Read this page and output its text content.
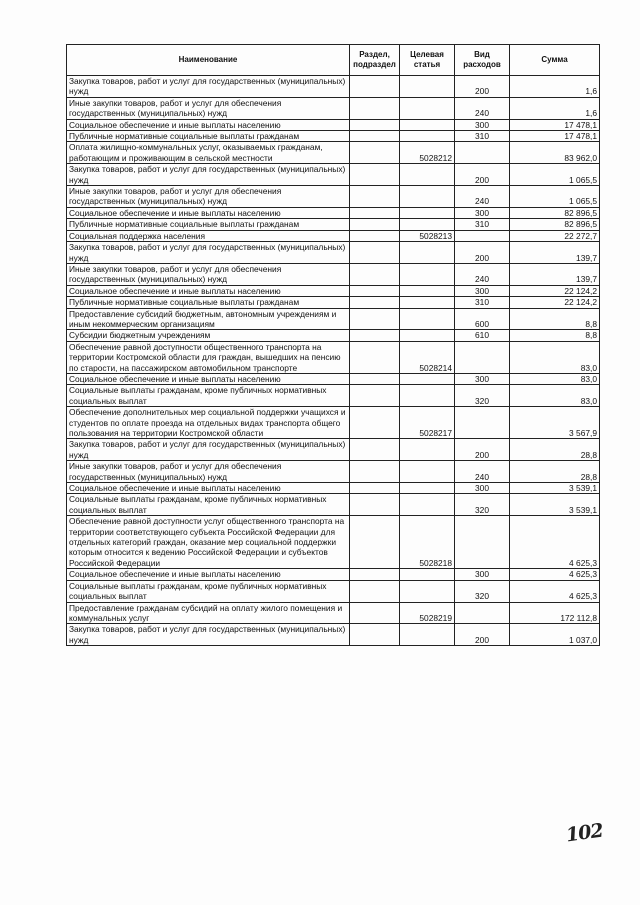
Наименование	Раздел, подраздел	Целевая статья	Вид расходов	Сумма
Закупка товаров, работ и услуг для государственных (муниципальных) нужд			200	1,6
Иные закупки товаров, работ и услуг для обеспечения государственных (муниципальных) нужд			240	1,6
Социальное обеспечение и иные выплаты населению			300	17 478,1
Публичные нормативные социальные выплаты гражданам			310	17 478,1
Оплата жилищно-коммунальных услуг, оказываемых гражданам, работающим и проживающим в сельской местности		5028212		83 962,0
Закупка товаров, работ и услуг для государственных (муниципальных) нужд			200	1 065,5
Иные закупки товаров, работ и услуг для обеспечения государственных (муниципальных) нужд			240	1 065,5
Социальное обеспечение и иные выплаты населению			300	82 896,5
Публичные нормативные социальные выплаты гражданам			310	82 896,5
Социальная поддержка населения		5028213		22 272,7
Закупка товаров, работ и услуг для государственных (муниципальных) нужд			200	139,7
Иные закупки товаров, работ и услуг для обеспечения государственных (муниципальных) нужд			240	139,7
Социальное обеспечение и иные выплаты населению			300	22 124,2
Публичные нормативные социальные выплаты гражданам			310	22 124,2
Предоставление субсидий бюджетным, автономным учреждениям и иным некоммерческим организациям			600	8,8
Субсидии бюджетным учреждениям			610	8,8
Обеспечение равной доступности общественного транспорта на территории Костромской области для граждан, вышедших на пенсию по старости, на пассажирском автомобильном транспорте		5028214		83,0
Социальное обеспечение и иные выплаты населению			300	83,0
Социальные выплаты гражданам, кроме публичных нормативных социальных выплат			320	83,0
Обеспечение дополнительных мер социальной поддержки учащихся и студентов по оплате проезда на отдельных видах транспорта общего пользования на территории Костромской области		5028217		3 567,9
Закупка товаров, работ и услуг для государственных (муниципальных) нужд			200	28,8
Иные закупки товаров, работ и услуг для обеспечения государственных (муниципальных) нужд			240	28,8
Социальное обеспечение и иные выплаты населению			300	3 539,1
Социальные выплаты гражданам, кроме публичных нормативных социальных выплат			320	3 539,1
Обеспечение равной доступности услуг общественного транспорта на территории соответствующего субъекта Российской Федерации для отдельных категорий граждан, оказание мер социальной поддержки которым относится к ведению Российской Федерации и субъектов Российской Федерации		5028218		4 625,3
Социальное обеспечение и иные выплаты населению			300	4 625,3
Социальные выплаты гражданам, кроме публичных нормативных социальных выплат			320	4 625,3
Предоставление гражданам субсидий на оплату жилого помещения и коммунальных услуг		5028219		172 112,8
Закупка товаров, работ и услуг для государственных (муниципальных) нужд			200	1 037,0
102
